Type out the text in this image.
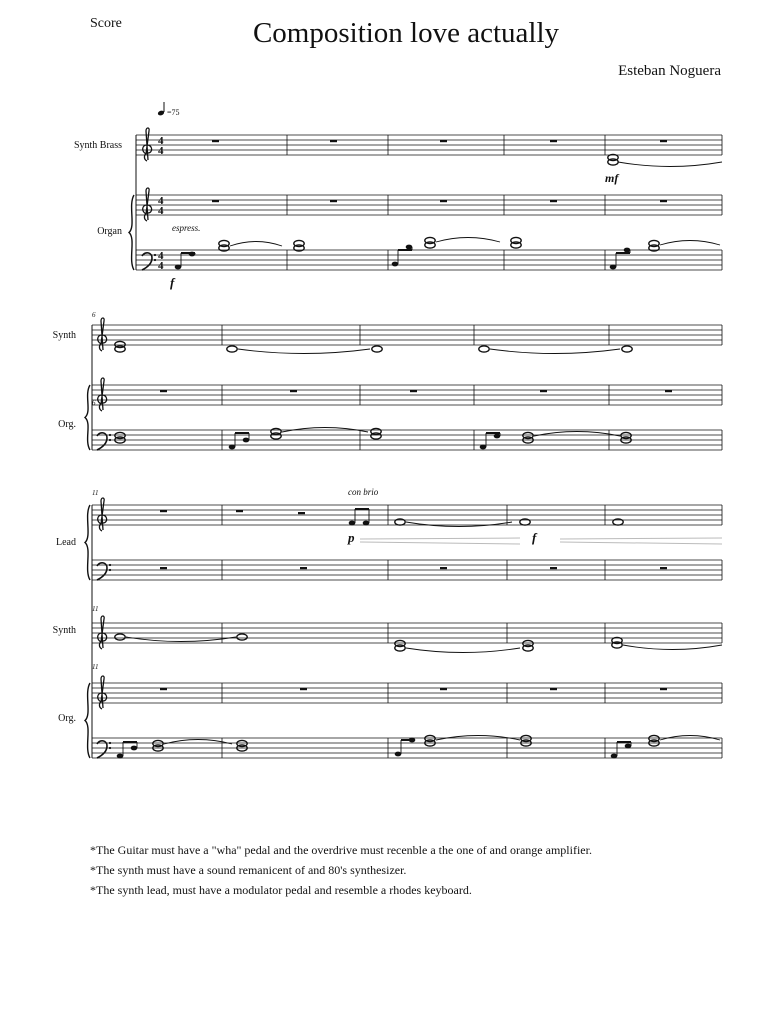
Score	Composition love actually
Esteban Noguera
=75
Synth Brass
Organ
Synth
Org.
Lead
Synth
Org.
6
6
11
11
11
espress.
f
mf
con brio
p	f
4
4
4
4
4
4
*The Guitar must have a "wha" pedal and the overdrive must recenble a the one of and orange amplifier.
*The synth must have a sound remanicent of and 80's synthesizer.
*The synth lead, must have a modulator pedal and resemble a rhodes keyboard.
